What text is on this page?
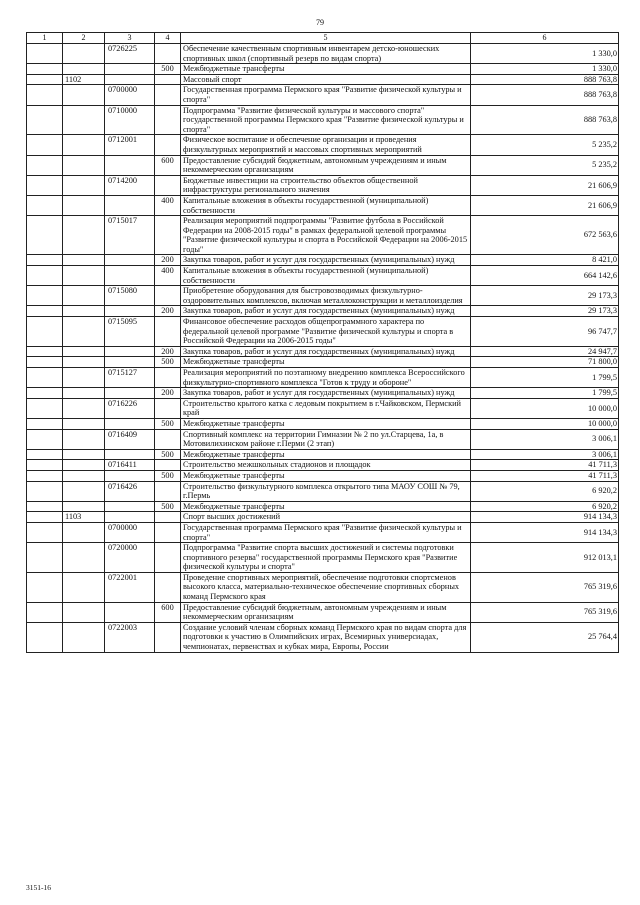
79
1	2	3	4	5	6
		0726225		Обеспечение качественным спортивным инвентарем детско-юношеских спортивных школ (спортивный резерв по видам спорта)	1 330,0
			500	Межбюджетные трансферты	1 330,0
	1102			Массовый спорт	888 763,8
		0700000		Государственная программа Пермского края "Развитие физической культуры и спорта"	888 763,8
		0710000		Подпрограмма "Развитие физической культуры и массового спорта" государственной программы Пермского края "Развитие физической культуры и спорта"	888 763,8
		0712001		Физическое воспитание и обеспечение организации и проведения физкультурных мероприятий и массовых спортивных мероприятий	5 235,2
			600	Предоставление субсидий бюджетным, автономным учреждениям и иным некоммерческим организациям	5 235,2
		0714200		Бюджетные инвестиции на строительство объектов общественной инфраструктуры регионального значения	21 606,9
			400	Капитальные вложения в объекты государственной (муниципальной) собственности	21 606,9
		0715017		Реализация мероприятий подпрограммы "Развитие футбола в Российской Федерации на 2008-2015 годы" в рамках федеральной целевой программы "Развитие физической культуры и спорта в Российской Федерации на 2006-2015 годы"	672 563,6
			200	Закупка товаров, работ и услуг для государственных (муниципальных) нужд	8 421,0
			400	Капитальные вложения в объекты государственной (муниципальной) собственности	664 142,6
		0715080		Приобретение оборудования для быстровозводимых физкультурно-оздоровительных комплексов, включая металлоконструкции и металлоизделия	29 173,3
			200	Закупка товаров, работ и услуг для государственных (муниципальных) нужд	29 173,3
		0715095		Финансовое обеспечение расходов общепрограммного характера по федеральной целевой программе "Развитие физической культуры и спорта в Российской Федерации на 2006-2015 годы"	96 747,7
			200	Закупка товаров, работ и услуг для государственных (муниципальных) нужд	24 947,7
			500	Межбюджетные трансферты	71 800,0
		0715127		Реализация мероприятий по поэтапному внедрению комплекса Всероссийского физкультурно-спортивного комплекса "Готов к труду и обороне"	1 799,5
			200	Закупка товаров, работ и услуг для государственных (муниципальных) нужд	1 799,5
		0716226		Строительство крытого катка с ледовым покрытием в г.Чайковском, Пермский край	10 000,0
			500	Межбюджетные трансферты	10 000,0
		0716409		Спортивный комплекс на территории Гимназии № 2 по ул.Старцева, 1а, в Мотовилихинском районе г.Перми (2 этап)	3 006,1
			500	Межбюджетные трансферты	3 006,1
		0716411		Строительство межшкольных стадионов и площадок	41 711,3
			500	Межбюджетные трансферты	41 711,3
		0716426		Строительство физкультурного комплекса открытого типа МАОУ СОШ № 79, г.Пермь	6 920,2
			500	Межбюджетные трансферты	6 920,2
	1103			Спорт высших достижений	914 134,3
		0700000		Государственная программа Пермского края "Развитие физической культуры и спорта"	914 134,3
		0720000		Подпрограмма "Развитие спорта высших достижений и системы подготовки спортивного резерва" государственной программы Пермского края "Развитие физической культуры и спорта"	912 013,1
		0722001		Проведение спортивных мероприятий, обеспечение подготовки спортсменов высокого класса, материально-техническое обеспечение спортивных сборных команд Пермского края	765 319,6
			600	Предоставление субсидий бюджетным, автономным учреждениям и иным некоммерческим организациям	765 319,6
		0722003		Создание условий членам сборных команд Пермского края по видам спорта для подготовки к участию в Олимпийских играх, Всемирных универсиадах, чемпионатах, первенствах и кубках мира, Европы, России	25 764,4
3151-16
